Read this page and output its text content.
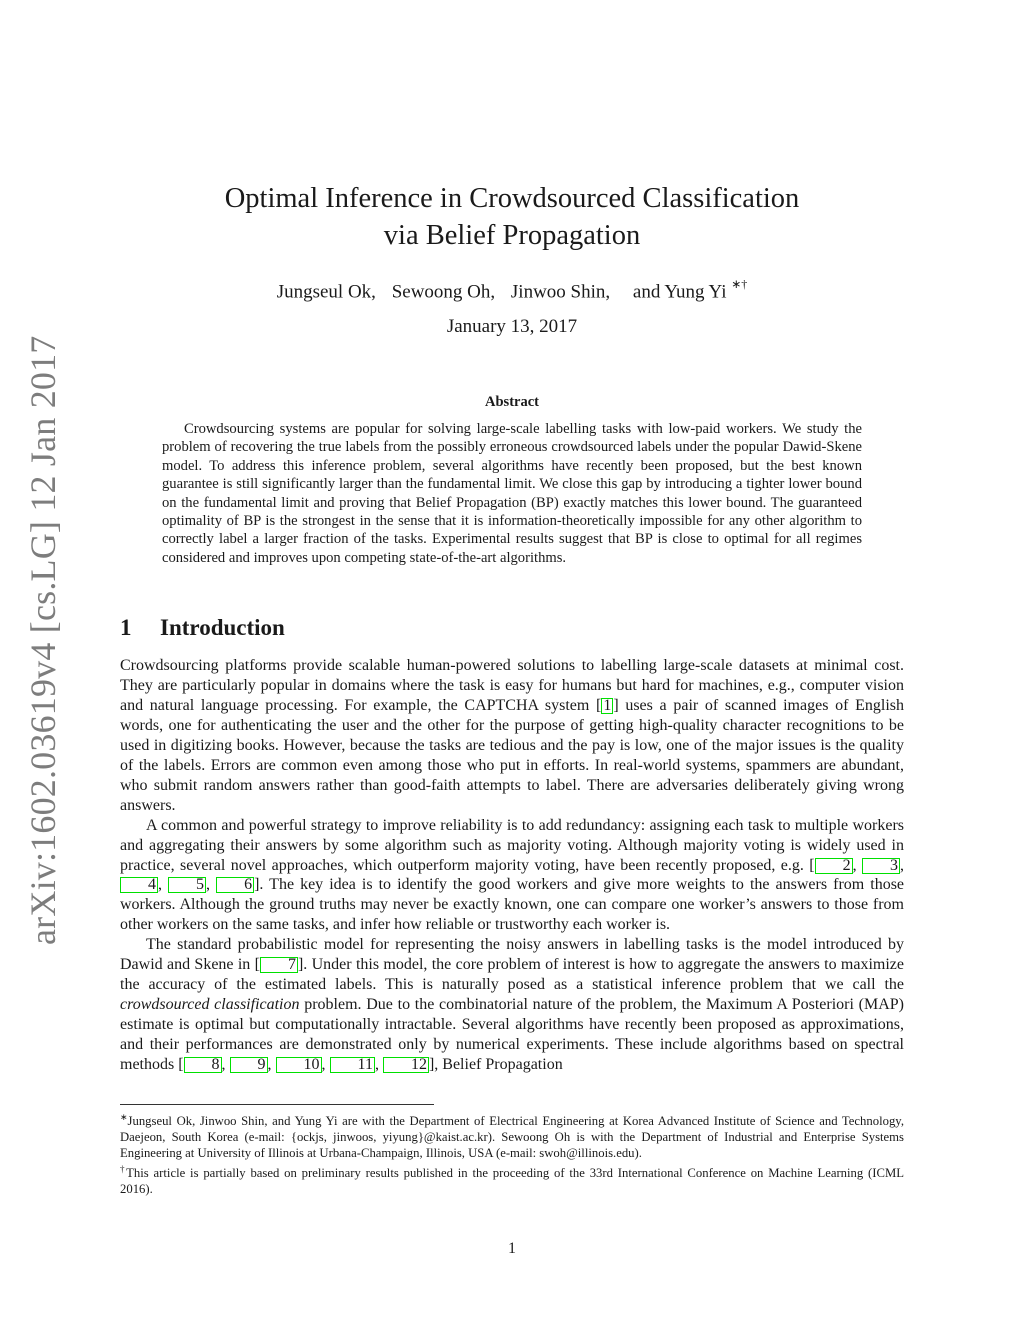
arXiv:1602.03619v4 [cs.LG] 12 Jan 2017
Optimal Inference in Crowdsourced Classification
via Belief Propagation
Jungseul Ok, Sewoong Oh, Jinwoo Shin, and Yung Yi ∗†
January 13, 2017
Abstract

Crowdsourcing systems are popular for solving large-scale labelling tasks with low-paid workers. We study the problem of recovering the true labels from the possibly erroneous crowdsourced labels under the popular Dawid-Skene model. To address this inference problem, several algorithms have recently been proposed, but the best known guarantee is still significantly larger than the fundamental limit. We close this gap by introducing a tighter lower bound on the fundamental limit and proving that Belief Propagation (BP) exactly matches this lower bound. The guaranteed optimality of BP is the strongest in the sense that it is information-theoretically impossible for any other algorithm to correctly label a larger fraction of the tasks. Experimental results suggest that BP is close to optimal for all regimes considered and improves upon competing state-of-the-art algorithms.

1 Introduction

Crowdsourcing platforms provide scalable human-powered solutions to labelling large-scale datasets at minimal cost. They are particularly popular in domains where the task is easy for humans but hard for machines, e.g., computer vision and natural language processing. For example, the CAPTCHA system [ 1 ] uses a pair of scanned images of English words, one for authenticating the user and the other for the purpose of getting high-quality character recognitions to be used in digitizing books. However, because the tasks are tedious and the pay is low, one of the major issues is the quality of the labels. Errors are common even among those who put in efforts. In real-world systems, spammers are abundant, who submit random answers rather than good-faith attempts to label. There are adversaries deliberately giving wrong answers.

A common and powerful strategy to improve reliability is to add redundancy: assigning each task to multiple workers and aggregating their answers by some algorithm such as majority voting. Although majority voting is widely used in practice, several novel approaches, which outperform majority voting, have been recently proposed, e.g. [ 2 , 3 , 4 , 5 , 6 ]. The key idea is to identify the good workers and give more weights to the answers from those workers. Although the ground truths may never be exactly known, one can compare one worker’s answers to those from other workers on the same tasks, and infer how reliable or trustworthy each worker is.

The standard probabilistic model for representing the noisy answers in labelling tasks is the model introduced by Dawid and Skene in [ 7 ]. Under this model, the core problem of interest is how to aggregate the answers to maximize the accuracy of the estimated labels. This is naturally posed as a statistical inference problem that we call the crowdsourced classification problem. Due to the combinatorial nature of the problem, the Maximum A Posteriori (MAP) estimate is optimal but computationally intractable. Several algorithms have recently been proposed as approximations, and their performances are demonstrated only by numerical experiments. These include algorithms based on spectral methods [ 8 , 9 , 10 , 11 , 12 ], Belief Propagation

∗Jungseul Ok, Jinwoo Shin, and Yung Yi are with the Department of Electrical Engineering at Korea Advanced Institute of Science and Technology, Daejeon, South Korea (e-mail: {ockjs, jinwoos, yiyung}@kaist.ac.kr). Sewoong Oh is with the Department of Industrial and Enterprise Systems Engineering at University of Illinois at Urbana-Champaign, Illinois, USA (e-mail: swoh@illinois.edu).

†This article is partially based on preliminary results published in the proceeding of the 33rd International Conference on Machine Learning (ICML 2016).

1
